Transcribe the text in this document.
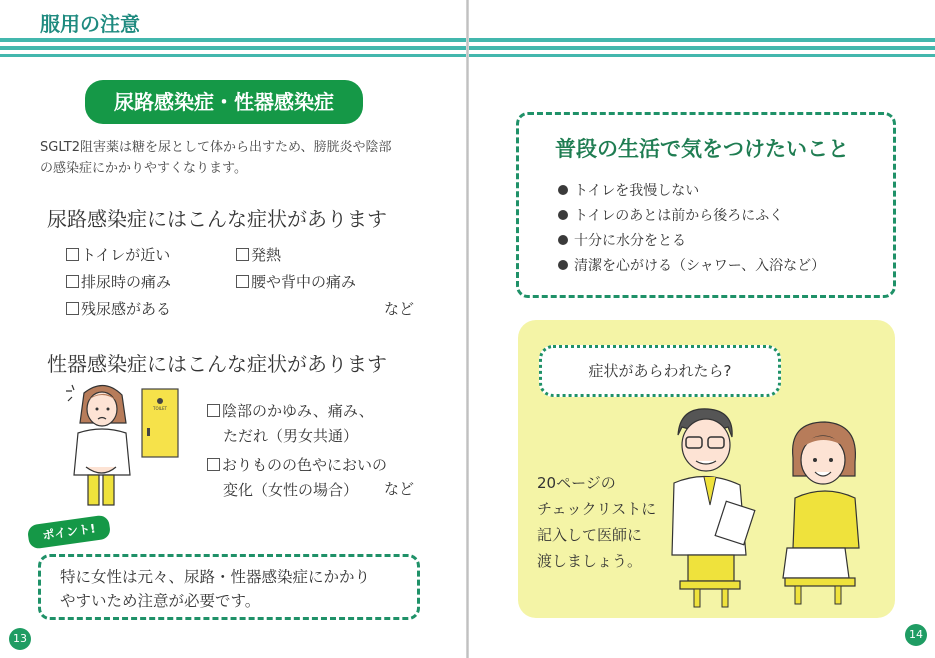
服用の注意
尿路感染症・性器感染症
SGLT2阻害薬は糖を尿として体から出すため、膀胱炎や陰部
の感染症にかかりやすくなります。
尿路感染症にはこんな症状があります
トイレが近い	発熱
排尿時の痛み	腰や背中の痛み
残尿感がある	など
性器感染症にはこんな症状があります
TOILET	陰部のかゆみ、痛み、
ただれ（男女共通）
おりものの色やにおいの
変化（女性の場合）	など
特に女性は元々、尿路・性器感染症にかかり
やすいため注意が必要です。
ポイント!
13
普段の生活で気をつけたいこと
トイレを我慢しない
トイレのあとは前から後ろにふく
十分に水分をとる
清潔を心がける（シャワー、入浴など）
症状があらわれたら?
20ページの
チェックリストに
記入して医師に
渡しましょう。
14
